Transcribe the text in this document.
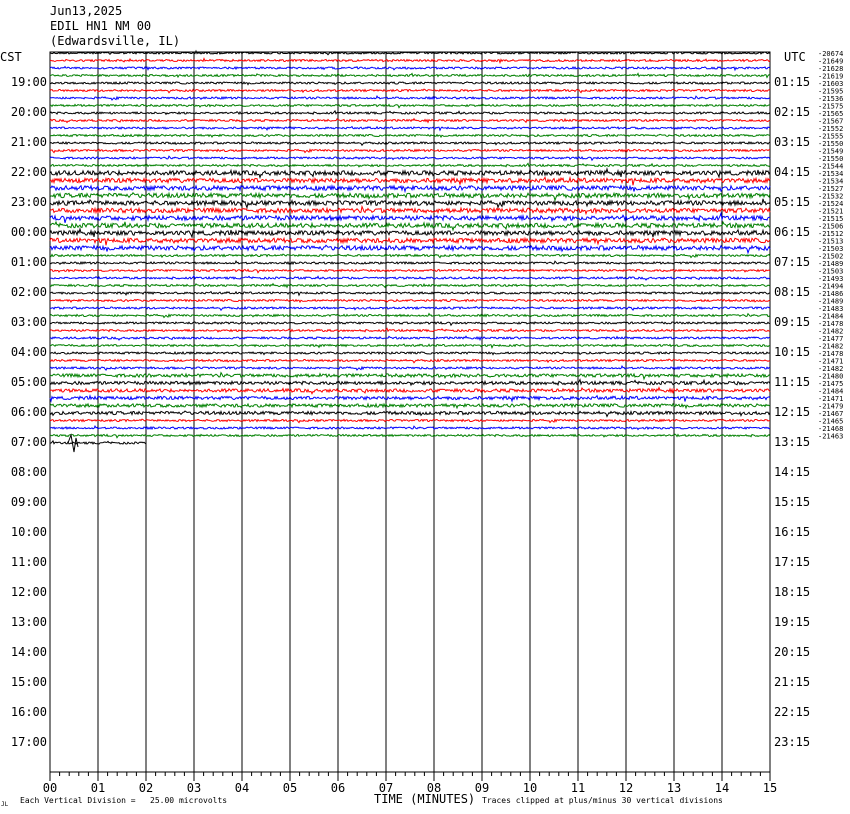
Jun13,2025
EDIL HN1 NM 00
(Edwardsville, IL)
CST	UTC
00	01	02	03	04	05	06	07	08	09	10	11	12	13	14	15
19:00
20:00
21:00
22:00
23:00
00:00
01:00
02:00
03:00
04:00
05:00
06:00
07:00
08:00
09:00
10:00
11:00
12:00
13:00
14:00
15:00
16:00
17:00
01:15
02:15
03:15
04:15
05:15
06:15
07:15
08:15
09:15
10:15
11:15
12:15
13:15
14:15
15:15
16:15
17:15
18:15
19:15
20:15
21:15
22:15
23:15
-20674
-21649
-21628
-21619
-21603
-21595
-21536
-21575
-21565
-21567
-21552
-21555
-21550
-21549
-21550
-21544
-21534
-21534
-21527
-21532
-21524
-21521
-21515
-21506
-21512
-21513
-21503
-21502
-21489
-21503
-21493
-21494
-21486
-21489
-21483
-21484
-21478
-21482
-21477
-21482
-21478
-21471
-21482
-21480
-21475
-21484
-21471
-21479
-21467
-21465
-21468
-21463
TIME (MINUTES)
Each Vertical Division =   25.00 microvolts	Traces clipped at plus/minus 30 vertical divisions
JL
